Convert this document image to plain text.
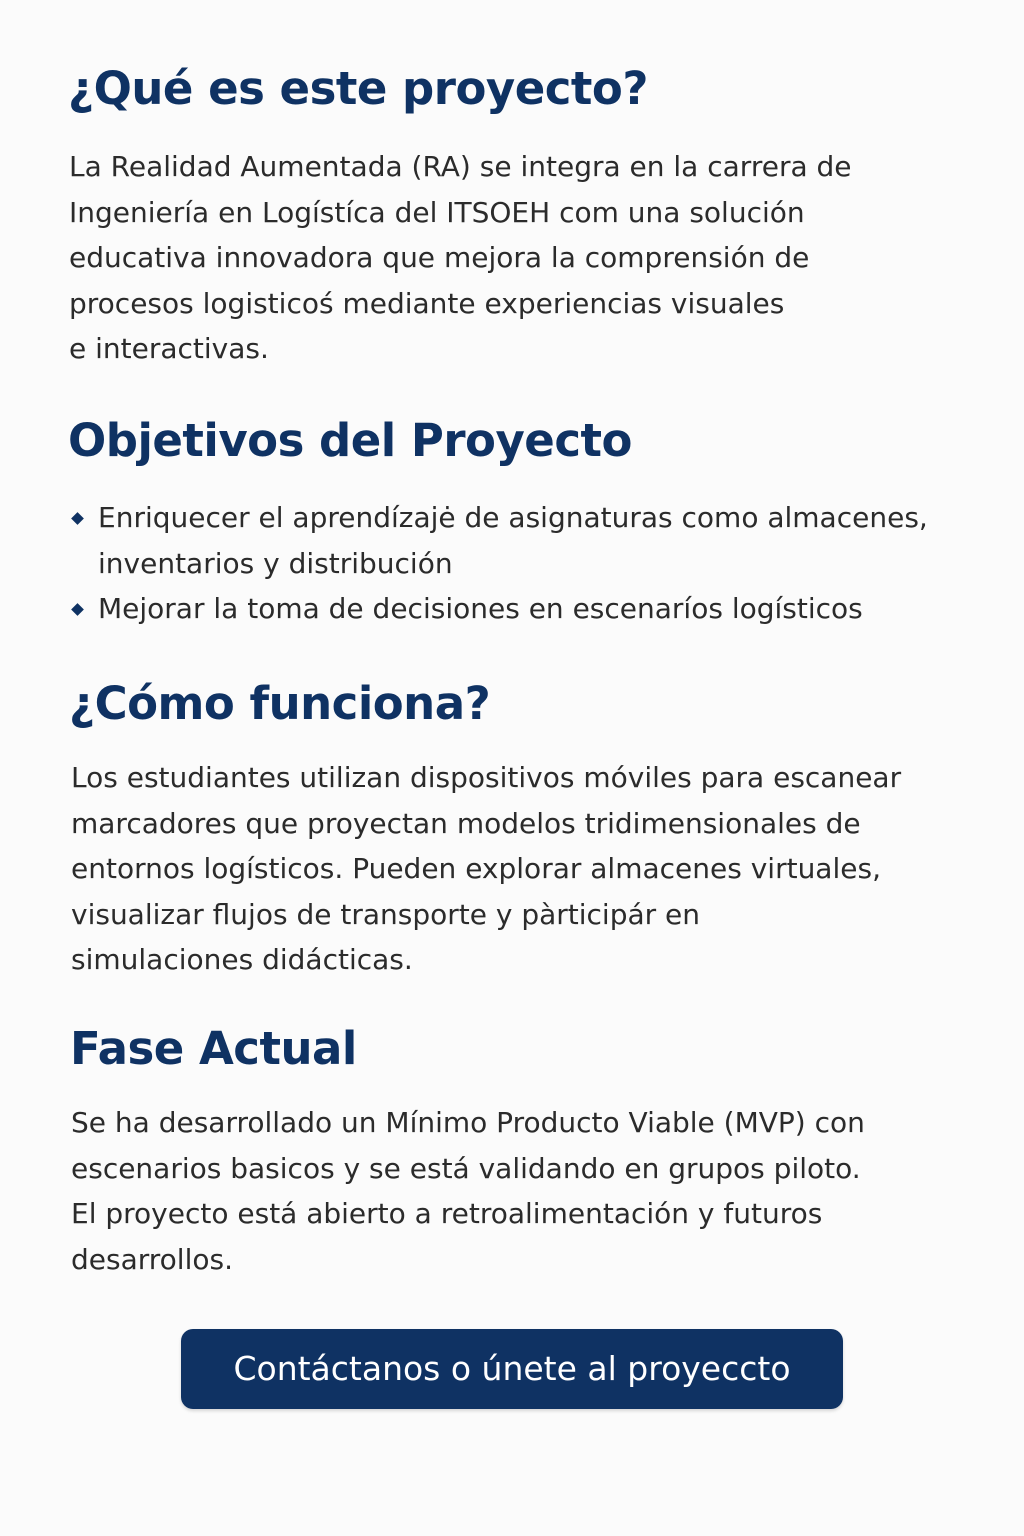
¿Qué es este proyecto?

La Realidad Aumentada (RA) se integra en la carrera de
Ingeniería en Logístíca del ITSOEH com una solución
educativa innovadora que mejora la comprensión de
procesos logisticoś mediante experiencias visuales
e interactivas.

Objetivos del Proyecto
Enriquecer el aprendízajė de asignaturas como almacenes,
inventarios y distribución
Mejorar la toma de decisiones en escenaríos logísticos
¿Cómo funciona?

Los estudiantes utilizan dispositivos móviles para escanear
marcadores que proyectan modelos tridimensionales de
entornos logísticos. Pueden explorar almacenes virtuales,
visualizar flujos de transporte y pàrticipár en
simulaciones didácticas.

Fase Actual

Se ha desarrollado un Mínimo Producto Viable (MVP) con
escenarios basicos y se está validando en grupos piloto.
El proyecto está abierto a retroalimentación y futuros
desarrollos.

Contáctanos o únete al proyeccto
